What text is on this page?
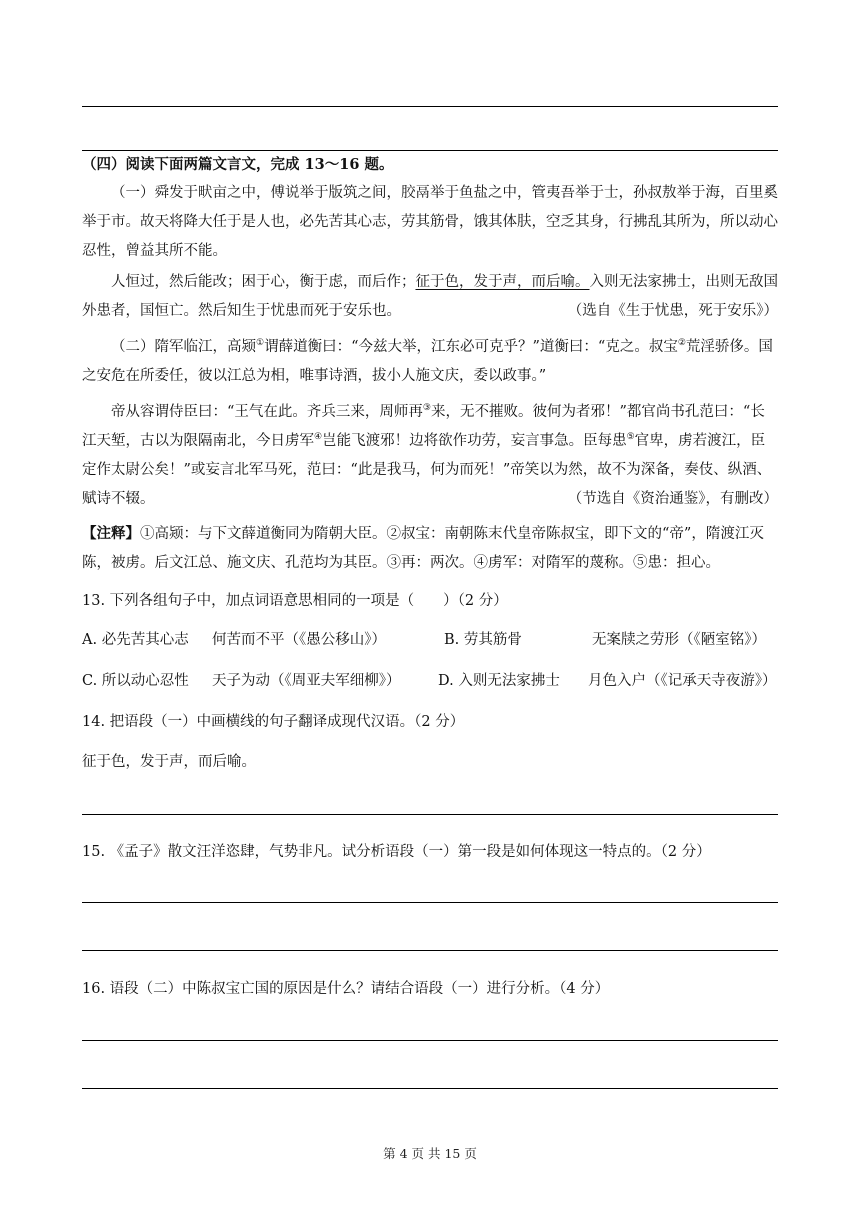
（四）阅读下面两篇文言文，完成 13～16 题。

（一）舜发于畎亩之中，傅说举于版筑之间，胶鬲举于鱼盐之中，管夷吾举于士，孙叔敖举于海，百里奚举于市。故天将降大任于是人也，必先苦其心志，劳其筋骨，饿其体肤，空乏其身，行拂乱其所为，所以动心忍性，曾益其所不能。

人恒过，然后能改；困于心，衡于虑，而后作；征于色，发于声，而后喻。入则无法家拂士，出则无敌国外患者，国恒亡。然后知生于忧患而死于安乐也。	（选自《生于忧患，死于安乐》）

（二）隋军临江，高颎①谓薛道衡曰：“今兹大举，江东必可克乎？”道衡曰：“克之。叔宝②荒淫骄侈。国之安危在所委任，彼以江总为相，唯事诗酒，拔小人施文庆，委以政事。”

帝从容谓侍臣曰：“王气在此。齐兵三来，周师再③来，无不摧败。彼何为者邪！”都官尚书孔范曰：“长江天堑，古以为限隔南北，今日虏军④岂能飞渡邪！边将欲作功劳，妄言事急。臣每患⑤官卑，虏若渡江，臣定作太尉公矣！”或妄言北军马死，范曰：“此是我马，何为而死！”帝笑以为然，故不为深备，奏伎、纵酒、赋诗不辍。	（节选自《资治通鉴》，有删改）

【注释】①高颎：与下文薛道衡同为隋朝大臣。②叔宝：南朝陈末代皇帝陈叔宝，即下文的“帝”，隋渡江灭陈，被虏。后文江总、施文庆、孔范均为其臣。③再：两次。④虏军：对隋军的蔑称。⑤患：担心。

13. 下列各组句子中，加点词语意思相同的一项是（　　）（2 分）

A. 必先苦其心志 何苦而不平（《愚公移山》）	B. 劳其筋骨	无案牍之劳形（《陋室铭》）
C. 所以动心忍性 天子为动（《周亚夫军细柳》）	D. 入则无法家拂士 月色入户（《记承天寺夜游》）

14. 把语段（一）中画横线的句子翻译成现代汉语。（2 分）

征于色，发于声，而后喻。

15. 《孟子》散文汪洋恣肆，气势非凡。试分析语段（一）第一段是如何体现这一特点的。（2 分）

16. 语段（二）中陈叔宝亡国的原因是什么？请结合语段（一）进行分析。（4 分）

第 4 页 共 15 页
